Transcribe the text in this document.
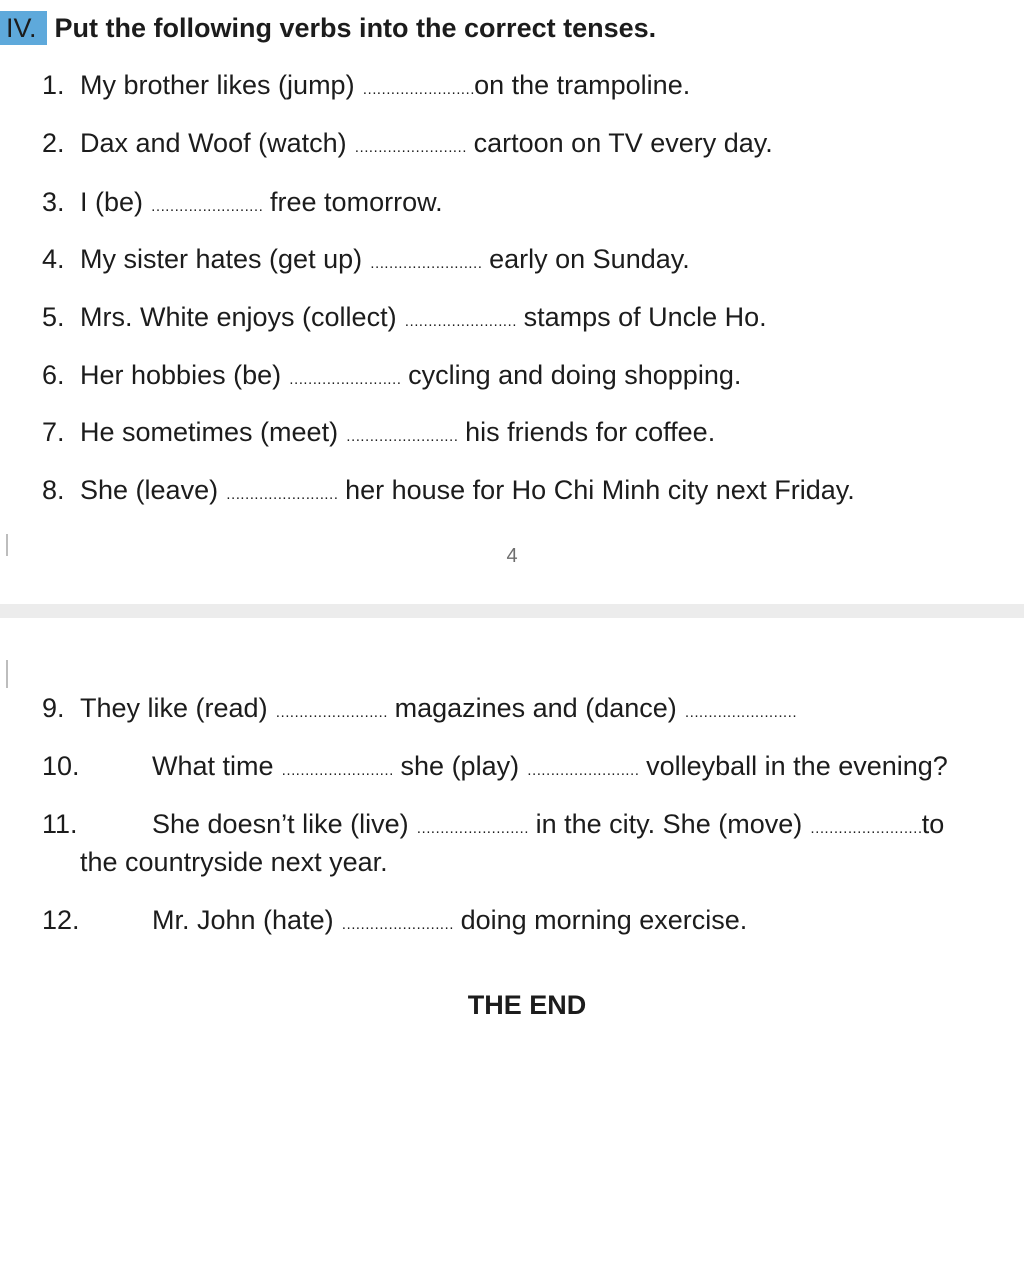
IV. Put the following verbs into the correct tenses.
1. My brother likes (jump) ……………………on the trampoline.
2. Dax and Woof (watch) …………………… cartoon on TV every day.
3. I (be) …………………… free tomorrow.
4. My sister hates (get up) …………………… early on Sunday.
5. Mrs. White enjoys (collect) …………………… stamps of Uncle Ho.
6. Her hobbies (be) …………………… cycling and doing shopping.
7. He sometimes (meet) …………………… his friends for coffee.
8. She (leave) …………………… her house for Ho Chi Minh city next Friday.
4
9. They like (read) …………………… magazines and (dance) ……………………
10.	What time …………………… she (play) …………………… volleyball in the evening?
11.	She doesn’t like (live) …………………… in the city. She (move) ……………………to
the countryside next year.
12.	Mr. John (hate) …………………… doing morning exercise.
THE END
